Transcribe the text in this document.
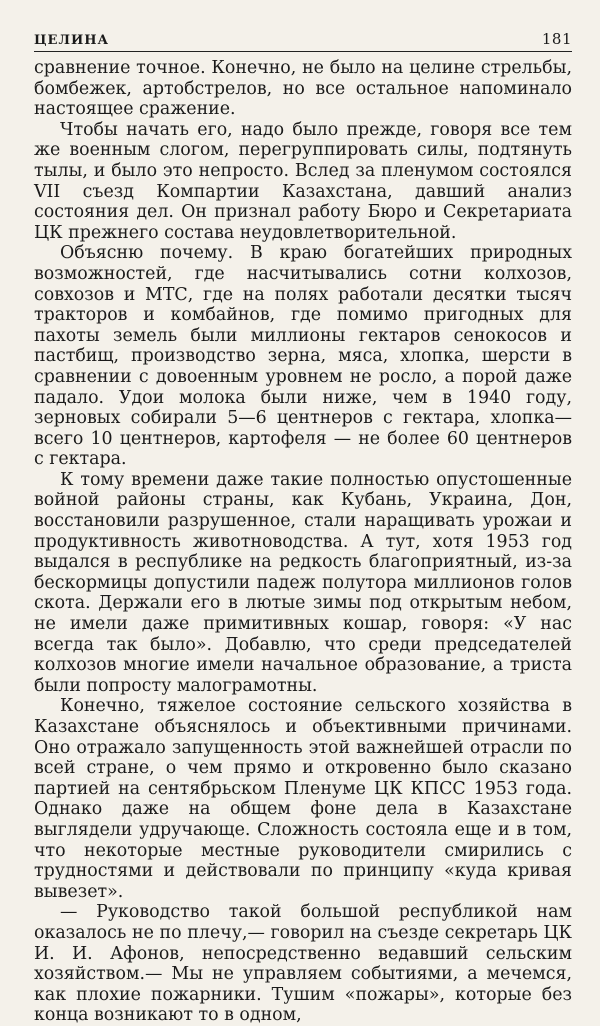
ЦЕЛИНА	181

сравнение точное. Конечно, не было на целине стрельбы, бомбежек, артобстрелов, но все остальное напоминало настоящее сражение.

Чтобы начать его, надо было прежде, говоря все тем же военным слогом, перегруппировать силы, подтянуть тылы, и было это непросто. Вслед за пленумом состоялся VII съезд Компартии Казахстана, давший анализ состояния дел. Он признал работу Бюро и Секретариата ЦК прежнего состава неудовлетворительной.

Объясню почему. В краю богатейших природных возможностей, где насчитывались сотни колхозов, совхозов и МТС, где на полях работали десятки тысяч тракторов и комбайнов, где помимо пригодных для пахоты земель были миллионы гектаров сенокосов и пастбищ, производство зерна, мяса, хлопка, шерсти в сравнении с довоенным уровнем не росло, а порой даже падало. Удои молока были ниже, чем в 1940 году, зерновых собирали 5—6 центнеров с гектара, хлопка— всего 10 центнеров, картофеля — не более 60 центнеров с гектара.

К тому времени даже такие полностью опустошенные войной районы страны, как Кубань, Украина, Дон, восстановили разрушенное, стали наращивать урожаи и продуктивность животноводства. А тут, хотя 1953 год выдался в республике на редкость благоприятный, из-за бескормицы допустили падеж полутора миллионов голов скота. Держали его в лютые зимы под открытым небом, не имели даже примитивных кошар, говоря: «У нас всегда так было». Добавлю, что среди председателей колхозов многие имели начальное образование, а триста были попросту малограмотны.

Конечно, тяжелое состояние сельского хозяйства в Казахстане объяснялось и объективными причинами. Оно отражало запущенность этой важнейшей отрасли по всей стране, о чем прямо и откровенно было сказано партией на сентябрьском Пленуме ЦК КПСС 1953 года. Однако даже на общем фоне дела в Казахстане выглядели удручающе. Сложность состояла еще и в том, что некоторые местные руководители смирились с трудностями и действовали по принципу «куда кривая вывезет».

— Руководство такой большой республикой нам оказалось не по плечу,— говорил на съезде секретарь ЦК И. И. Афонов, непосредственно ведавший сельским хозяйством.— Мы не управляем событиями, а мечемся, как плохие пожарники. Тушим «пожары», которые без конца возникают то в одном,
